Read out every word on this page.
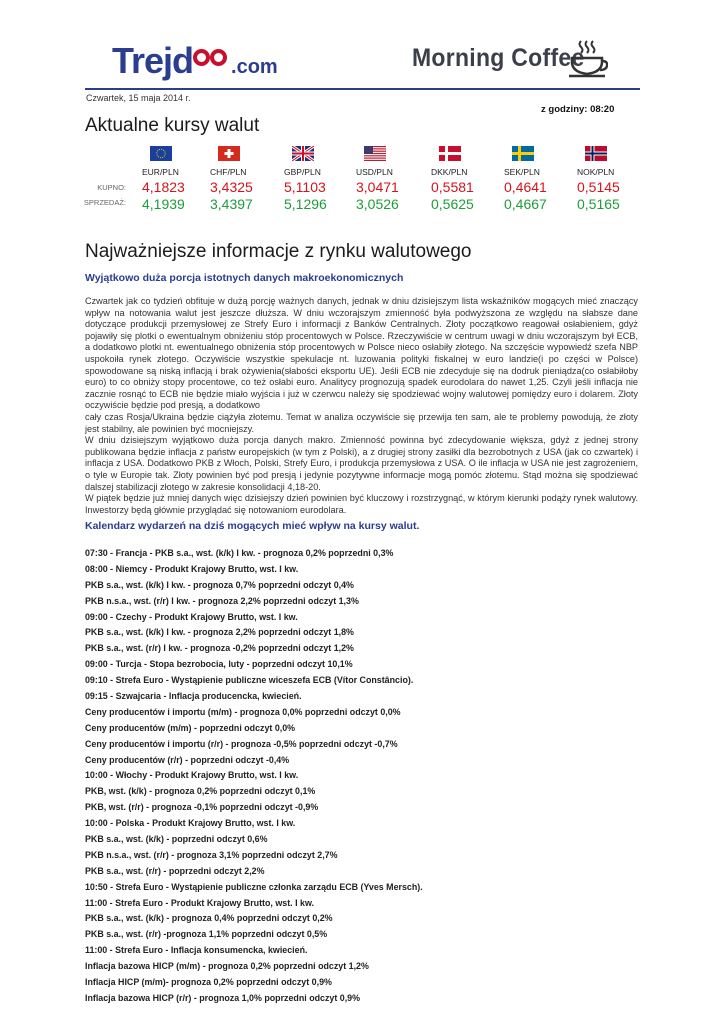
Trejd .com	Morning Coffee
Czwartek, 15 maja 2014 r.
z godziny: 08:20
Aktualne kursy walut
KUPNO:
SPRZEDAŻ:
EUR/PLN
4,1823
4,1939
CHF/PLN
3,4325
3,4397
GBP/PLN
5,1103
5,1296
USD/PLN
3,0471
3,0526
DKK/PLN
0,5581
0,5625
SEK/PLN
0,4641
0,4667
NOK/PLN
0,5145
0,5165
Najważniejsze informacje z rynku walutowego
Wyjątkowo duża porcja istotnych danych makroekonomicznych

Czwartek jak co tydzień obfituje w dużą porcję ważnych danych, jednak w dniu dzisiejszym lista wskaźników mogących mieć znaczący wpływ na notowania walut jest jeszcze dłuższa. W dniu wczorajszym zmienność była podwyższona ze względu na słabsze dane dotyczące produkcji przemysłowej ze Strefy Euro i informacji z Banków Centralnych. Złoty początkowo reagował osłabieniem, gdyż pojawiły się plotki o ewentualnym obniżeniu stóp procentowych w Polsce. Rzeczywiście w centrum uwagi w dniu wczorajszym był ECB, a dodatkowo plotki nt. ewentualnego obniżenia stóp procentowych w Polsce nieco osłabiły złotego. Na szczęście wypowiedź szefa NBP uspokoiła rynek złotego. Oczywiście wszystkie spekulacje nt. luzowania polityki fiskalnej w euro landzie(i po części w Polsce) spowodowane są niską inflacją i brak ożywienia(słabości eksportu UE). Jeśli ECB nie zdecyduje się na dodruk pieniądza(co osłabiłoby euro) to co obniży stopy procentowe, co też osłabi euro. Analitycy prognozują spadek eurodolara do nawet 1,25. Czyli jeśli inflacja nie zacznie rosnąć to ECB nie będzie miało wyjścia i już w czerwcu należy się spodziewać wojny walutowej pomiędzy euro i dolarem. Złoty oczywiście będzie pod presją, a dodatkowo

cały czas Rosja/Ukraina będzie ciążyła złotemu. Temat w analiza oczywiście się przewija ten sam, ale te problemy powodują, że złoty jest stabilny, ale powinien być mocniejszy.

W dniu dzisiejszym wyjątkowo duża porcja danych makro. Zmienność powinna być zdecydowanie większa, gdyż z jednej strony publikowana będzie inflacja z państw europejskich (w tym z Polski), a z drugiej strony zasiłki dla bezrobotnych z USA (jak co czwartek) i inflacja z USA. Dodatkowo PKB z Włoch, Polski, Strefy Euro, i produkcja przemysłowa z USA. O ile inflacja w USA nie jest zagrożeniem, o tyle w Europie tak. Złoty powinien być pod presją i jedynie pozytywne informacje mogą pomóc złotemu. Stąd można się spodziewać dalszej stabilizacji złotego w zakresie konsolidacji 4,18-20.

W piątek będzie już mniej danych więc dzisiejszy dzień powinien być kluczowy i rozstrzygnąć, w którym kierunki podąży rynek walutowy. Inwestorzy będą głównie przyglądać się notowaniom eurodolara.

Kalendarz wydarzeń na dziś mogących mieć wpływ na kursy walut.
07:30 - Francja - PKB s.a., wst. (k/k) I kw. - prognoza 0,2% poprzedni 0,3%
08:00 - Niemcy - Produkt Krajowy Brutto, wst. I kw.
PKB s.a., wst. (k/k) I kw. - prognoza 0,7% poprzedni odczyt 0,4%
PKB n.s.a., wst. (r/r) I kw. - prognoza 2,2% poprzedni odczyt 1,3%
09:00 - Czechy - Produkt Krajowy Brutto, wst. I kw.
PKB s.a., wst. (k/k) I kw. - prognoza 2,2% poprzedni odczyt 1,8%
PKB s.a., wst. (r/r) I kw. - prognoza -0,2% poprzedni odczyt 1,2%
09:00 - Turcja - Stopa bezrobocia, luty - poprzedni odczyt 10,1%
09:10 - Strefa Euro - Wystąpienie publiczne wiceszefa ECB (Vítor Constâncio).
09:15 - Szwajcaria - Inflacja producencka, kwiecień.
Ceny producentów i importu (m/m) - prognoza 0,0% poprzedni odczyt 0,0%
Ceny producentów (m/m) - poprzedni odczyt 0,0%
Ceny producentów i importu (r/r) - prognoza -0,5% poprzedni odczyt -0,7%
Ceny producentów (r/r) - poprzedni odczyt -0,4%
10:00 - Włochy - Produkt Krajowy Brutto, wst. I kw.
PKB, wst. (k/k) - prognoza 0,2% poprzedni odczyt 0,1%
PKB, wst. (r/r) - prognoza -0,1% poprzedni odczyt -0,9%
10:00 - Polska - Produkt Krajowy Brutto, wst. I kw.
PKB s.a., wst. (k/k) - poprzedni odczyt 0,6%
PKB n.s.a., wst. (r/r) - prognoza 3,1% poprzedni odczyt 2,7%
PKB s.a., wst. (r/r) - poprzedni odczyt 2,2%
10:50 - Strefa Euro - Wystąpienie publiczne członka zarządu ECB (Yves Mersch).
11:00 - Strefa Euro - Produkt Krajowy Brutto, wst. I kw.
PKB s.a., wst. (k/k) - prognoza 0,4% poprzedni odczyt 0,2%
PKB s.a., wst. (r/r) -prognoza 1,1% poprzedni odczyt 0,5%
11:00 - Strefa Euro - Inflacja konsumencka, kwiecień.
Inflacja bazowa HICP (m/m) - prognoza 0,2% poprzedni odczyt 1,2%
Inflacja HICP (m/m)- prognoza 0,2% poprzedni odczyt 0,9%
Inflacja bazowa HICP (r/r) - prognoza 1,0% poprzedni odczyt 0,9%
